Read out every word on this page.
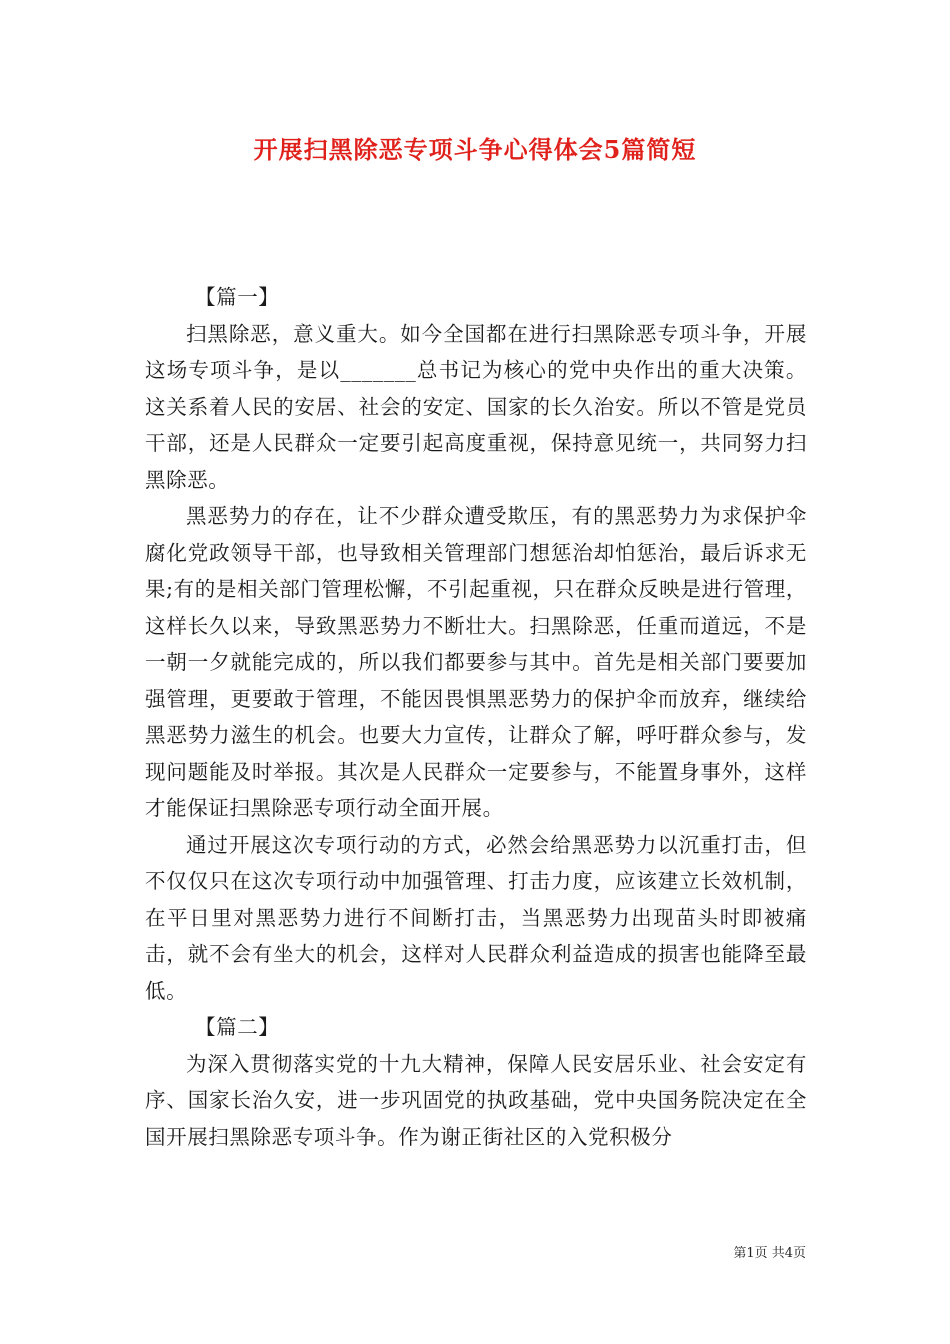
开展扫黑除恶专项斗争心得体会5篇简短

【篇一】

扫黑除恶，意义重大。如今全国都在进行扫黑除恶专项斗争，开展这场专项斗争，是以_______总书记为核心的党中央作出的重大决策。这关系着人民的安居、社会的安定、国家的长久治安。所以不管是党员干部，还是人民群众一定要引起高度重视，保持意见统一，共同努力扫黑除恶。

黑恶势力的存在，让不少群众遭受欺压，有的黑恶势力为求保护伞腐化党政领导干部，也导致相关管理部门想惩治却怕惩治，最后诉求无果;有的是相关部门管理松懈，不引起重视，只在群众反映是进行管理，这样长久以来，导致黑恶势力不断壮大。扫黑除恶，任重而道远，不是一朝一夕就能完成的，所以我们都要参与其中。首先是相关部门要要加强管理，更要敢于管理，不能因畏惧黑恶势力的保护伞而放弃，继续给黑恶势力滋生的机会。也要大力宣传，让群众了解，呼吁群众参与，发现问题能及时举报。其次是人民群众一定要参与，不能置身事外，这样才能保证扫黑除恶专项行动全面开展。

通过开展这次专项行动的方式，必然会给黑恶势力以沉重打击，但不仅仅只在这次专项行动中加强管理、打击力度，应该建立长效机制，在平日里对黑恶势力进行不间断打击，当黑恶势力出现苗头时即被痛击，就不会有坐大的机会，这样对人民群众利益造成的损害也能降至最低。

【篇二】

为深入贯彻落实党的十九大精神，保障人民安居乐业、社会安定有序、国家长治久安，进一步巩固党的执政基础，党中央国务院决定在全国开展扫黑除恶专项斗争。作为谢正街社区的入党积极分

第1页 共4页
